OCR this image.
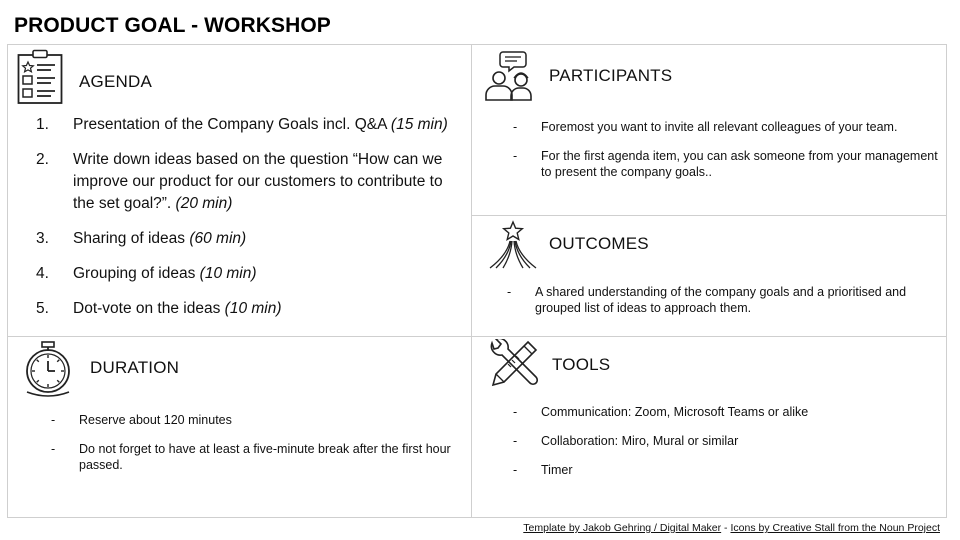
PRODUCT GOAL - WORKSHOP
AGENDA
1. Presentation of the Company Goals incl. Q&A (15 min)
2. Write down ideas based on the question “How can we improve our product for our customers to contribute to the set goal?”. (20 min)
3. Sharing of ideas (60 min)
4. Grouping of ideas (10 min)
5. Dot-vote on the ideas (10 min)
PARTICIPANTS
- Foremost you want to invite all relevant colleagues of your team.
- For the first agenda item, you can ask someone from your management to present the company goals..
OUTCOMES
- A shared understanding of the company goals and a prioritised and grouped list of ideas to approach them.
DURATION
- Reserve about 120 minutes
- Do not forget to have at least a five-minute break after the first hour passed.
TOOLS
- Communication: Zoom, Microsoft Teams or alike
- Collaboration: Miro, Mural or similar
- Timer
Template by Jakob Gehring / Digital Maker - Icons by Creative Stall from the Noun Project
